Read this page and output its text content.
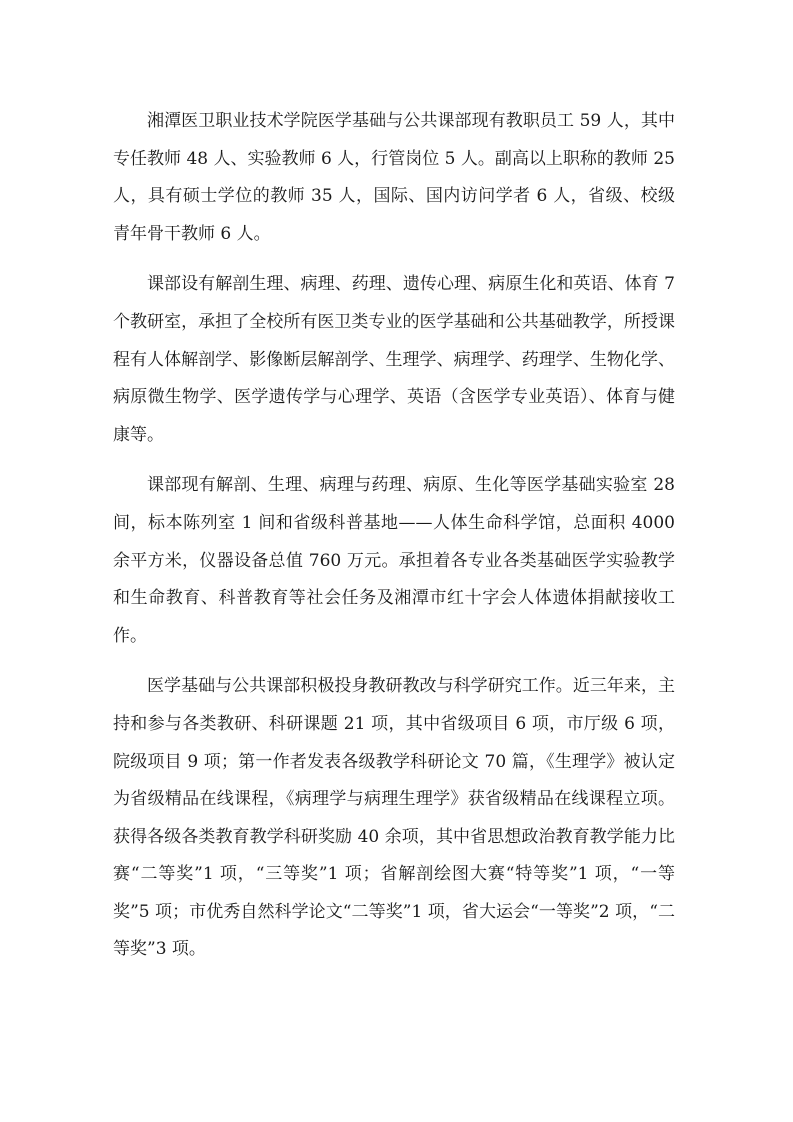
湘潭医卫职业技术学院医学基础与公共课部现有教职员工 59 人，其中专任教师 48 人、实验教师 6 人，行管岗位 5 人。副高以上职称的教师 25 人，具有硕士学位的教师 35 人，国际、国内访问学者 6 人，省级、校级青年骨干教师 6 人。

课部设有解剖生理、病理、药理、遗传心理、病原生化和英语、体育 7 个教研室，承担了全校所有医卫类专业的医学基础和公共基础教学，所授课程有人体解剖学、影像断层解剖学、生理学、病理学、药理学、生物化学、病原微生物学、医学遗传学与心理学、英语（含医学专业英语）、体育与健康等。

课部现有解剖、生理、病理与药理、病原、生化等医学基础实验室 28 间，标本陈列室 1 间和省级科普基地——人体生命科学馆，总面积 4000 余平方米，仪器设备总值 760 万元。承担着各专业各类基础医学实验教学和生命教育、科普教育等社会任务及湘潭市红十字会人体遗体捐献接收工作。

医学基础与公共课部积极投身教研教改与科学研究工作。近三年来，主持和参与各类教研、科研课题 21 项，其中省级项目 6 项，市厅级 6 项，院级项目 9 项；第一作者发表各级教学科研论文 70 篇，《生理学》被认定为省级精品在线课程，《病理学与病理生理学》获省级精品在线课程立项。获得各级各类教育教学科研奖励 40 余项，其中省思想政治教育教学能力比赛“二等奖”1 项，“三等奖”1 项；省解剖绘图大赛“特等奖”1 项，“一等奖”5 项；市优秀自然科学论文“二等奖”1 项，省大运会“一等奖”2 项，“二等奖”3 项。
